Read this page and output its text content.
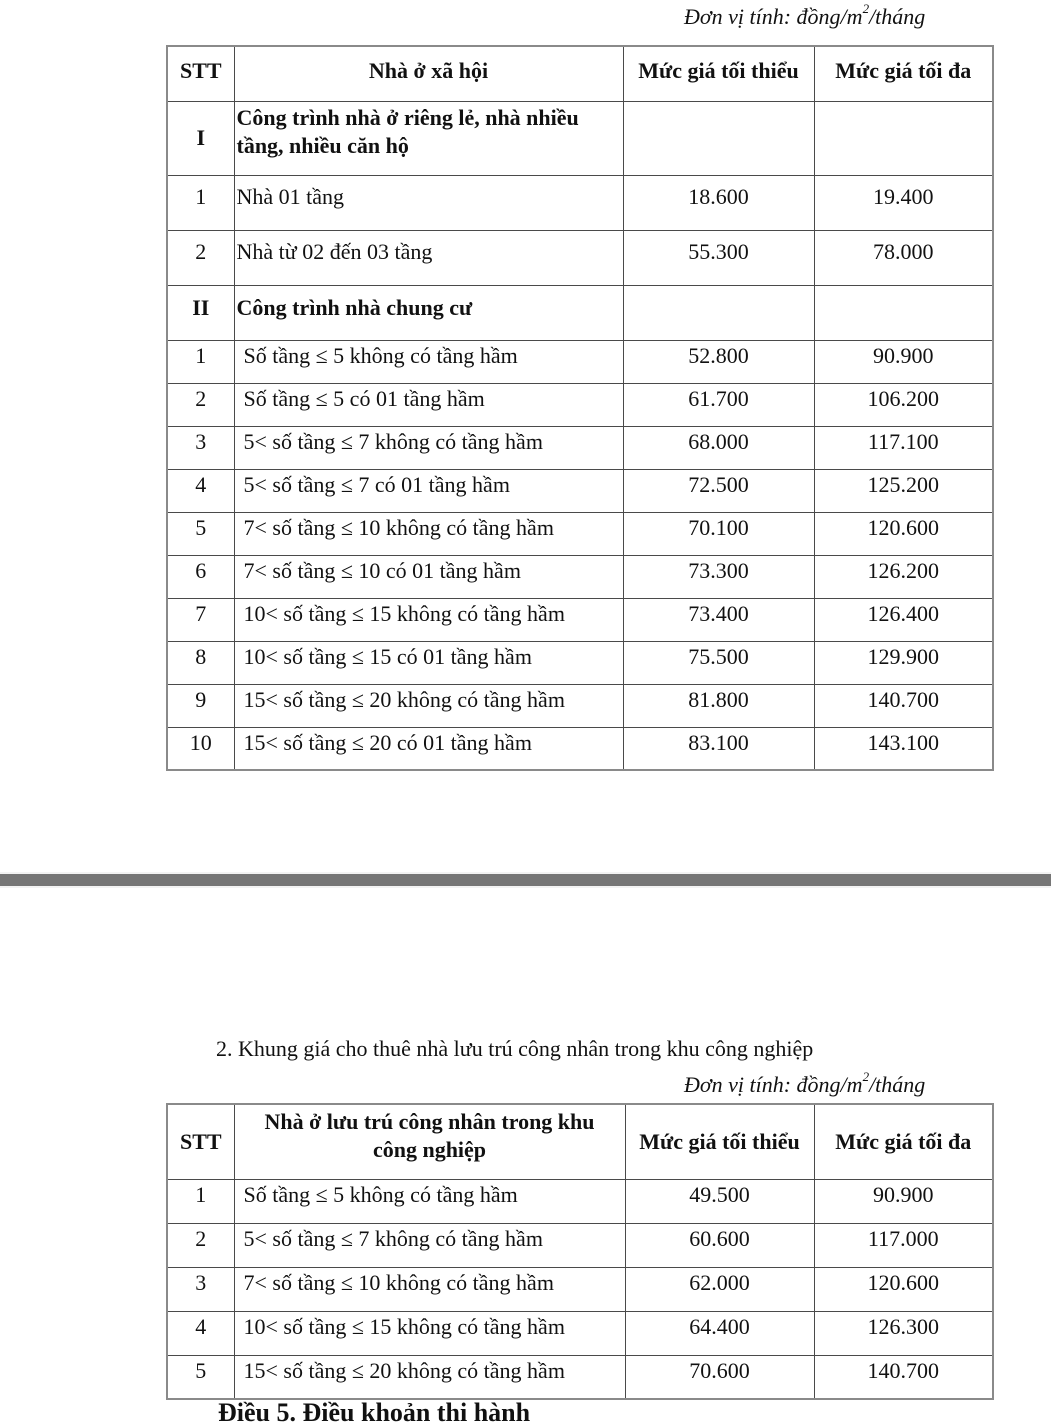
Đơn vị tính: đồng/$m^2$/tháng
STT	Nhà ở xã hội	Mức giá tối thiểu	Mức giá tối đa
I	Công trình nhà ở riêng lẻ, nhà nhiều tầng, nhiều căn hộ		
1	Nhà 01 tầng	18.600	19.400
2	Nhà từ 02 đến 03 tầng	55.300	78.000
II	Công trình nhà chung cư		
1	Số tầng ≤ 5 không có tầng hầm	52.800	90.900
2	Số tầng ≤ 5 có 01 tầng hầm	61.700	106.200
3	5< số tầng ≤ 7 không có tầng hầm	68.000	117.100
4	5< số tầng ≤ 7 có 01 tầng hầm	72.500	125.200
5	7< số tầng ≤ 10 không có tầng hầm	70.100	120.600
6	7< số tầng ≤ 10 có 01 tầng hầm	73.300	126.200
7	10< số tầng ≤ 15 không có tầng hầm	73.400	126.400
8	10< số tầng ≤ 15 có 01 tầng hầm	75.500	129.900
9	15< số tầng ≤ 20 không có tầng hầm	81.800	140.700
10	15< số tầng ≤ 20 có 01 tầng hầm	83.100	143.100
2. Khung giá cho thuê nhà lưu trú công nhân trong khu công nghiệp
Đơn vị tính: đồng/$m^2$/tháng
STT	Nhà ở lưu trú công nhân trong khu công nghiệp	Mức giá tối thiểu	Mức giá tối đa
1	Số tầng ≤ 5 không có tầng hầm	49.500	90.900
2	5< số tầng ≤ 7 không có tầng hầm	60.600	117.000
3	7< số tầng ≤ 10 không có tầng hầm	62.000	120.600
4	10< số tầng ≤ 15 không có tầng hầm	64.400	126.300
5	15< số tầng ≤ 20 không có tầng hầm	70.600	140.700
Điều 5. Điều khoản thi hành
